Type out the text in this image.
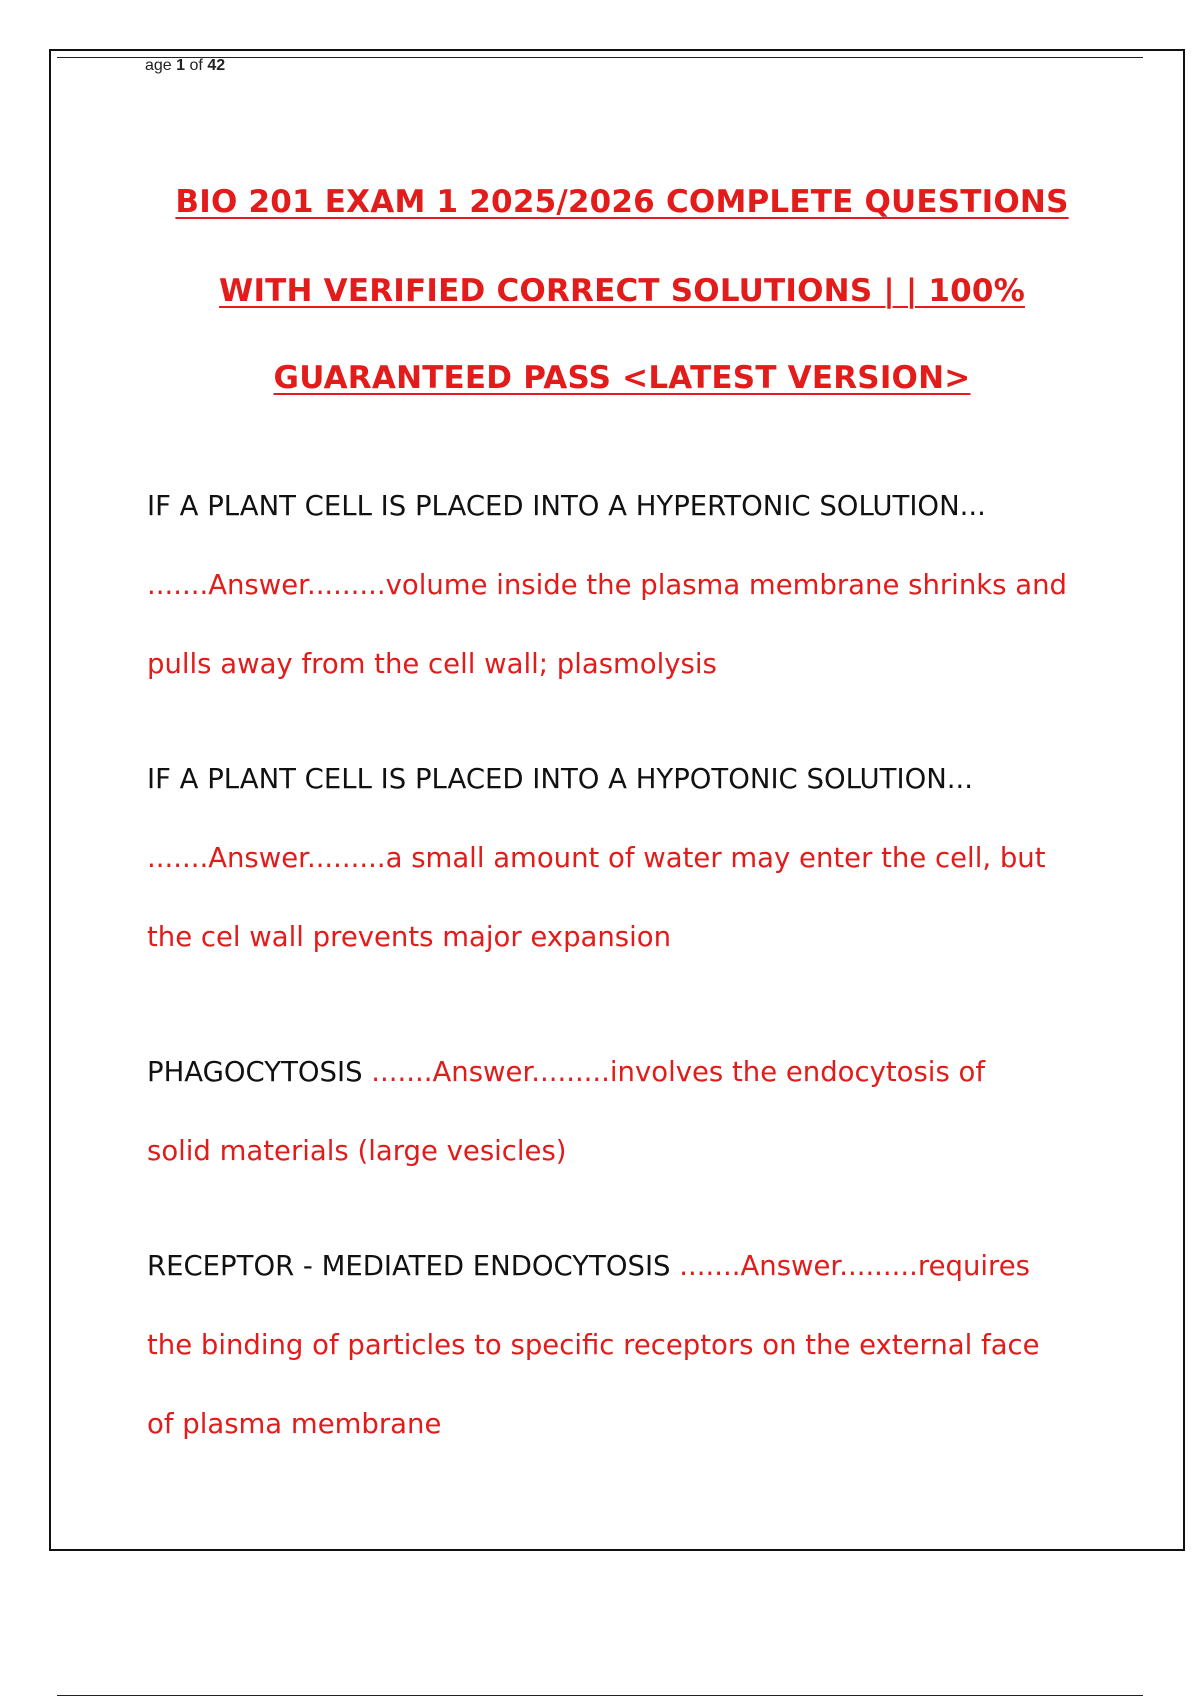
age 1 of 42
BIO 201 EXAM 1 2025/2026 COMPLETE QUESTIONS
WITH VERIFIED CORRECT SOLUTIONS | | 100%
GUARANTEED PASS <LATEST VERSION>
IF A PLANT CELL IS PLACED INTO A HYPERTONIC SOLUTION...
.......Answer.........volume inside the plasma membrane shrinks and
pulls away from the cell wall; plasmolysis
IF A PLANT CELL IS PLACED INTO A HYPOTONIC SOLUTION...
.......Answer.........a small amount of water may enter the cell, but
the cel wall prevents major expansion
PHAGOCYTOSIS .......Answer.........involves the endocytosis of
solid materials (large vesicles)
RECEPTOR - MEDIATED ENDOCYTOSIS .......Answer.........requires
the binding of particles to specific receptors on the external face
of plasma membrane
